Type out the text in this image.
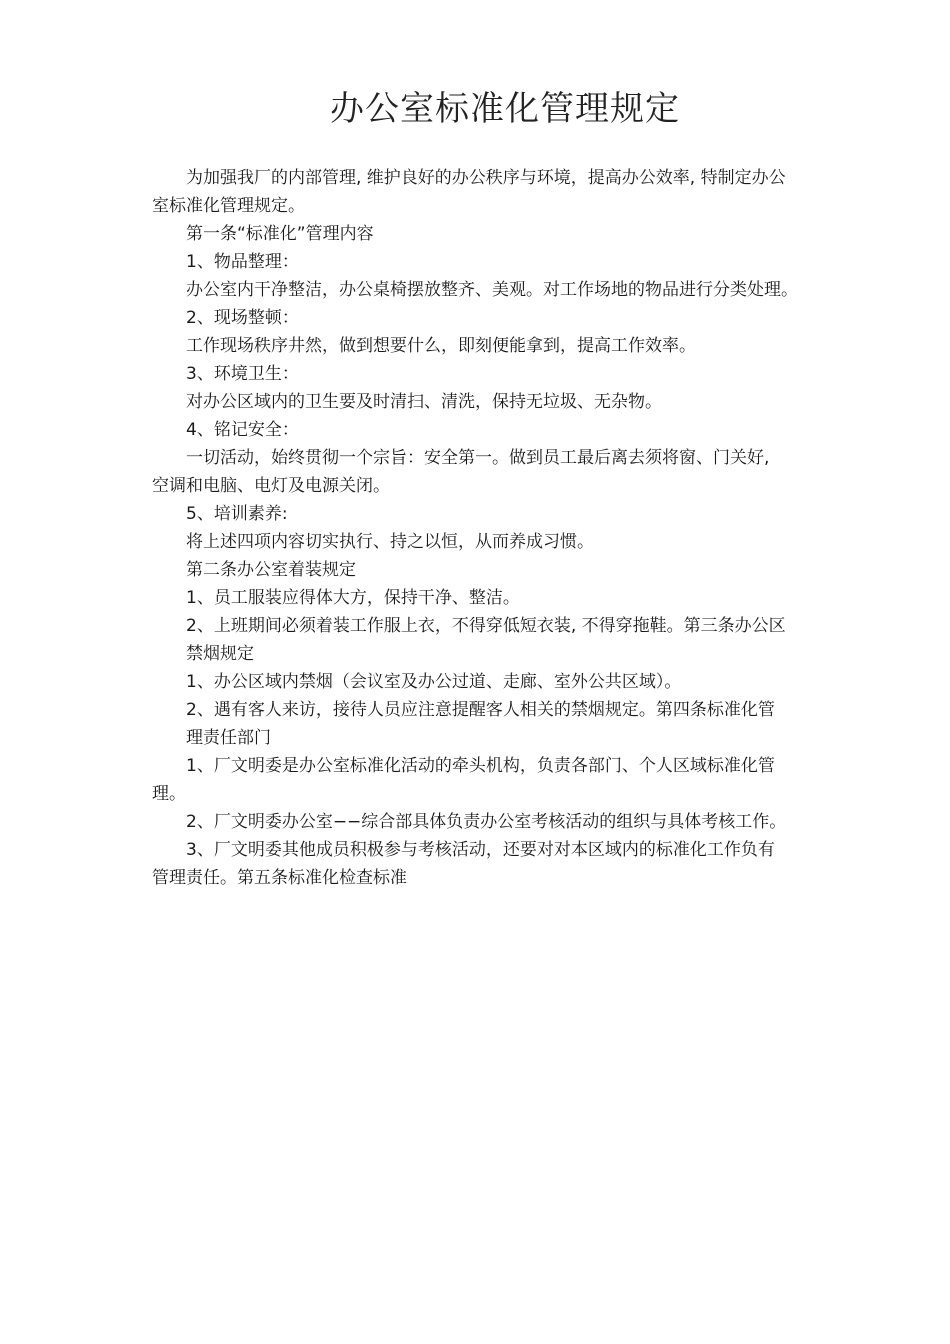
办公室标准化管理规定

为加强我厂的内部管理, 维护良好的办公秩序与环境，提高办公效率, 特制定办公

室标准化管理规定。

第一条“标准化”管理内容

1、物品整理：

办公室内干净整洁，办公桌椅摆放整齐、美观。对工作场地的物品进行分类处理。

2、现场整顿：

工作现场秩序井然，做到想要什么，即刻便能拿到，提高工作效率。

3、环境卫生：

对办公区域内的卫生要及时清扫、清洗，保持无垃圾、无杂物。

4、铭记安全：

一切活动，始终贯彻一个宗旨：安全第一。做到员工最后离去须将窗、门关好,

空调和电脑、电灯及电源关闭。

5、培训素养:

将上述四项内容切实执行、持之以恒，从而养成习惯。

第二条办公室着装规定

1、员工服装应得体大方，保持干净、整洁。

2、上班期间必须着装工作服上衣，不得穿低短衣装, 不得穿拖鞋。第三条办公区

禁烟规定

1、办公区域内禁烟（会议室及办公过道、走廊、室外公共区域）。

2、遇有客人来访，接待人员应注意提醒客人相关的禁烟规定。第四条标准化管

理责任部门

1、厂文明委是办公室标准化活动的牵头机构，负责各部门、个人区域标准化管

理。

2、厂文明委办公室−−综合部具体负责办公室考核活动的组织与具体考核工作。

3、厂文明委其他成员积极参与考核活动，还要对对本区域内的标准化工作负有

管理责任。第五条标准化检查标准
